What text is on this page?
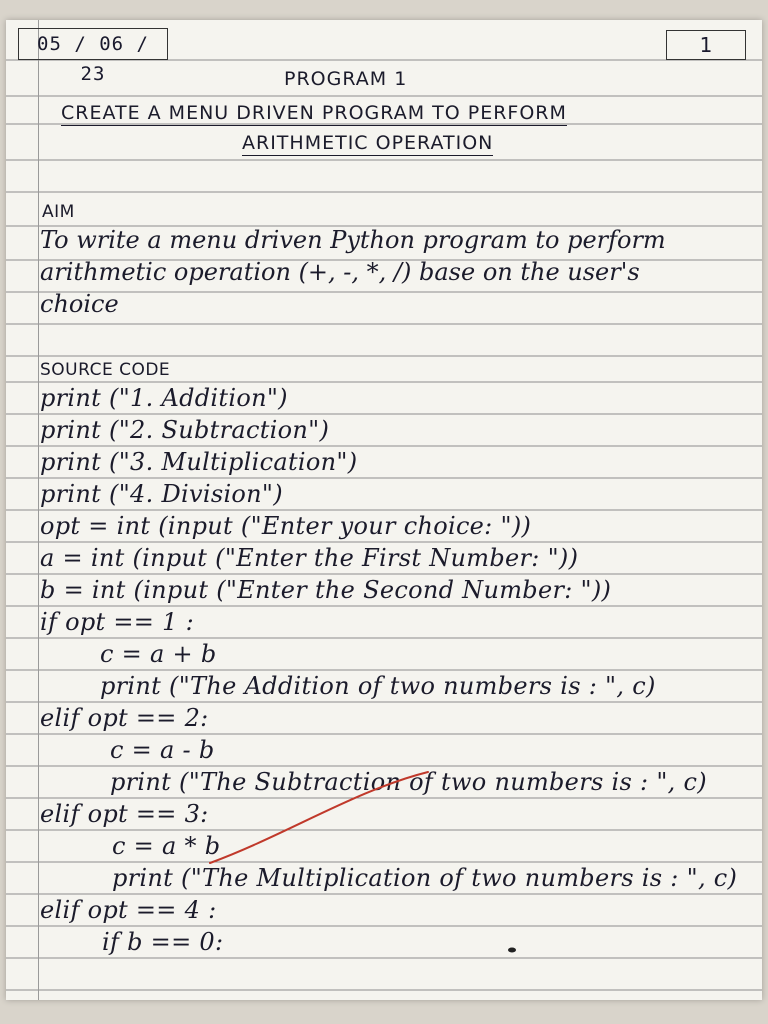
05 / 06 / 23
1
PROGRAM 1
CREATE A MENU DRIVEN PROGRAM TO PERFORM
ARITHMETIC OPERATION
AIM
To write a menu driven Python program to perform
arithmetic operation (+, -, *, /) base on the user's
choice
SOURCE CODE
print ("1. Addition")
print ("2. Subtraction")
print ("3. Multiplication")
print ("4. Division")
opt = int (input ("Enter your choice: "))
a = int (input ("Enter the First Number: "))
b = int (input ("Enter the Second Number: "))
if opt == 1 :
c = a + b
print ("The Addition of two numbers is : ", c)
elif opt == 2:
c = a - b
print ("The Subtraction of two numbers is : ", c)
elif opt == 3:
c = a * b
print ("The Multiplication of two numbers is : ", c)
elif opt == 4 :
if b == 0:
